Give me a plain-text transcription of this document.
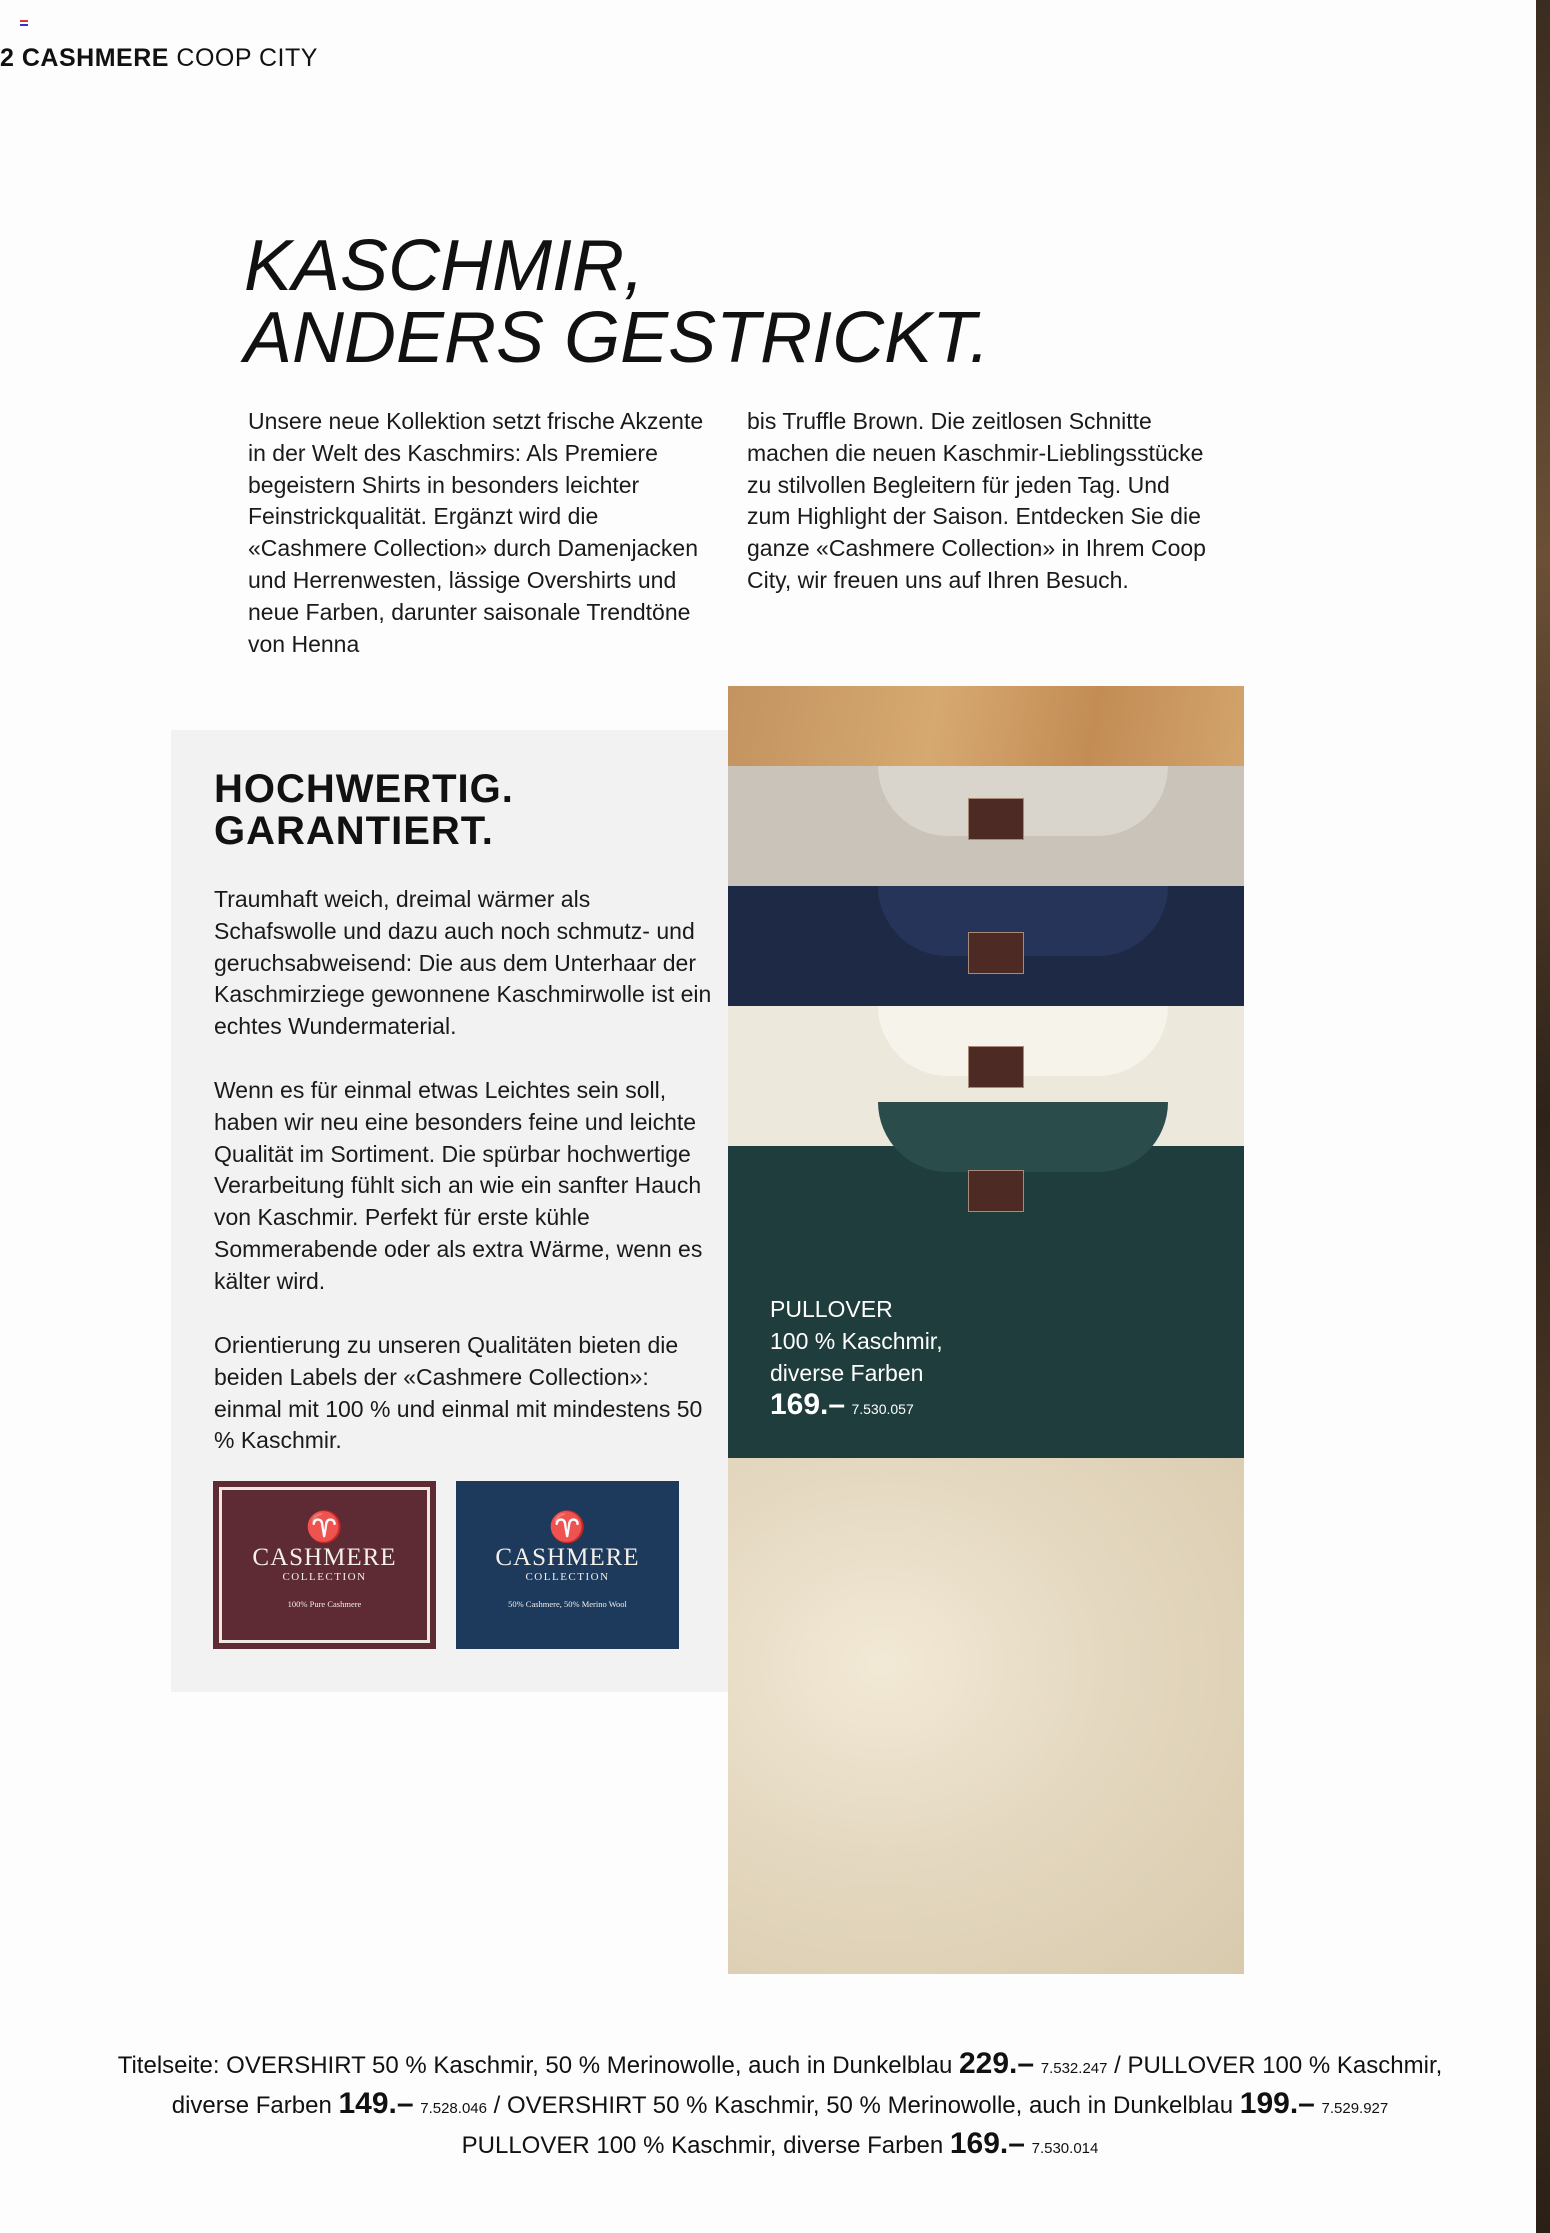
2 CASHMERE COOP CITY
KASCHMIR,
ANDERS GESTRICKT.
Unsere neue Kollektion setzt frische Akzente in der Welt des Kaschmirs: Als Premiere begeistern Shirts in besonders leichter Feinstrickqualität. Ergänzt wird die «Cashmere Collection» durch Damenjacken und Herrenwesten, lässige Overshirts und neue Farben, darunter saisonale Trendtöne von Henna
bis Truffle Brown. Die zeitlosen Schnitte machen die neuen Kaschmir-Lieblingsstücke zu stilvollen Begleitern für jeden Tag. Und zum Highlight der Saison. Entdecken Sie die ganze «Cashmere Collection» in Ihrem Coop City, wir freuen uns auf Ihren Besuch.
HOCHWERTIG.
GARANTIERT.
Traumhaft weich, dreimal wärmer als Schafswolle und dazu auch noch schmutz- und geruchsabweisend: Die aus dem Unterhaar der Kaschmirziege gewonnene Kaschmirwolle ist ein echtes Wundermaterial.
Wenn es für einmal etwas Leichtes sein soll, haben wir neu eine besonders feine und leichte Qualität im Sortiment. Die spürbar hochwertige Verarbeitung fühlt sich an wie ein sanfter Hauch von Kaschmir. Perfekt für erste kühle Sommerabende oder als extra Wärme, wenn es kälter wird.
Orientierung zu unseren Qualitäten bieten die beiden Labels der «Cashmere Collection»: einmal mit 100 % und einmal mit mindestens 50 % Kaschmir.
♈
CASHMERE
COLLECTION
100% Pure Cashmere
♈
CASHMERE
COLLECTION
50% Cashmere, 50% Merino Wool
PULLOVER
100 % Kaschmir,
diverse Farben
169.– 7.530.057
Titelseite: OVERSHIRT 50 % Kaschmir, 50 % Merinowolle, auch in Dunkelblau 229.– 7.532.247 / PULLOVER 100 % Kaschmir,
diverse Farben 149.– 7.528.046 / OVERSHIRT 50 % Kaschmir, 50 % Merinowolle, auch in Dunkelblau 199.– 7.529.927
PULLOVER 100 % Kaschmir, diverse Farben 169.– 7.530.014
